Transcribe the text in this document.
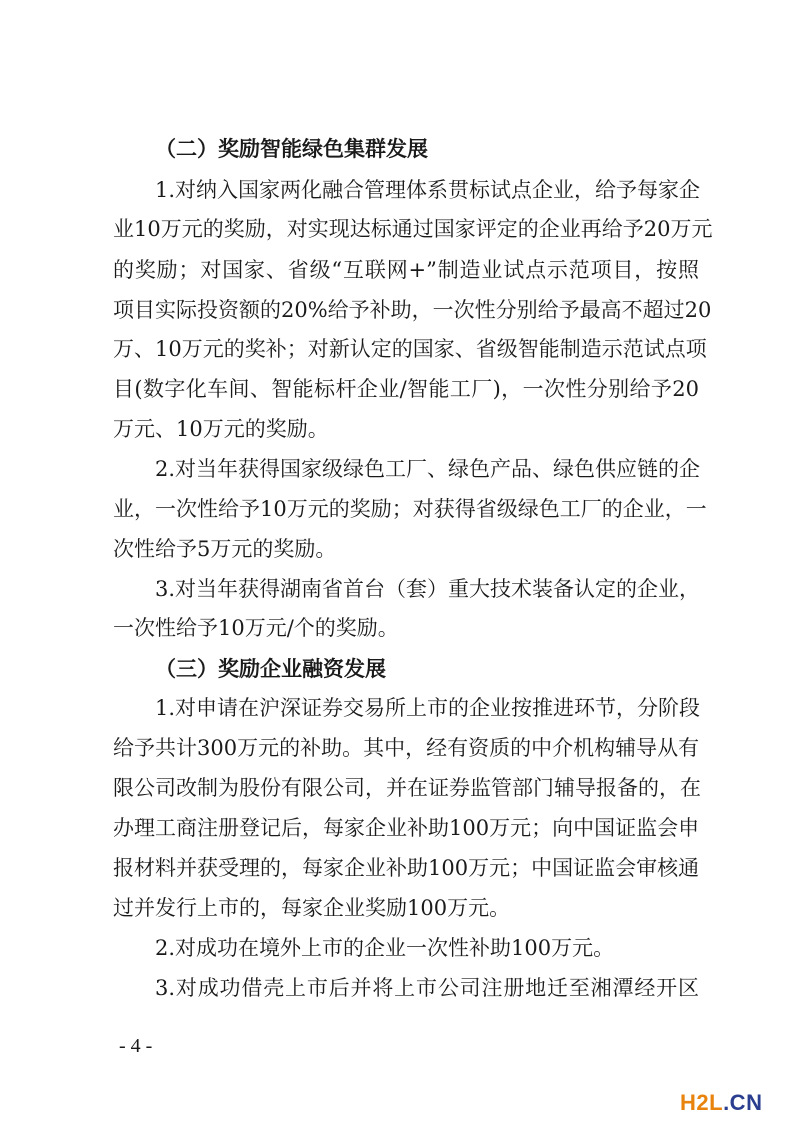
（二）奖励智能绿色集群发展
1.对纳入国家两化融合管理体系贯标试点企业，给予每家企
业10万元的奖励，对实现达标通过国家评定的企业再给予20万元
的奖励；对国家、省级“互联网+”制造业试点示范项目，按照
项目实际投资额的20%给予补助，一次性分别给予最高不超过20
万、10万元的奖补；对新认定的国家、省级智能制造示范试点项
目(数字化车间、智能标杆企业/智能工厂)，一次性分别给予20
万元、10万元的奖励。
2.对当年获得国家级绿色工厂、绿色产品、绿色供应链的企
业，一次性给予10万元的奖励；对获得省级绿色工厂的企业，一
次性给予5万元的奖励。
3.对当年获得湖南省首台（套）重大技术装备认定的企业，
一次性给予10万元/个的奖励。
（三）奖励企业融资发展
1.对申请在沪深证券交易所上市的企业按推进环节，分阶段
给予共计300万元的补助。其中，经有资质的中介机构辅导从有
限公司改制为股份有限公司，并在证券监管部门辅导报备的，在
办理工商注册登记后，每家企业补助100万元；向中国证监会申
报材料并获受理的，每家企业补助100万元；中国证监会审核通
过并发行上市的，每家企业奖励100万元。
2.对成功在境外上市的企业一次性补助100万元。
3.对成功借壳上市后并将上市公司注册地迁至湘潭经开区
- 4 -
H2L.CN
